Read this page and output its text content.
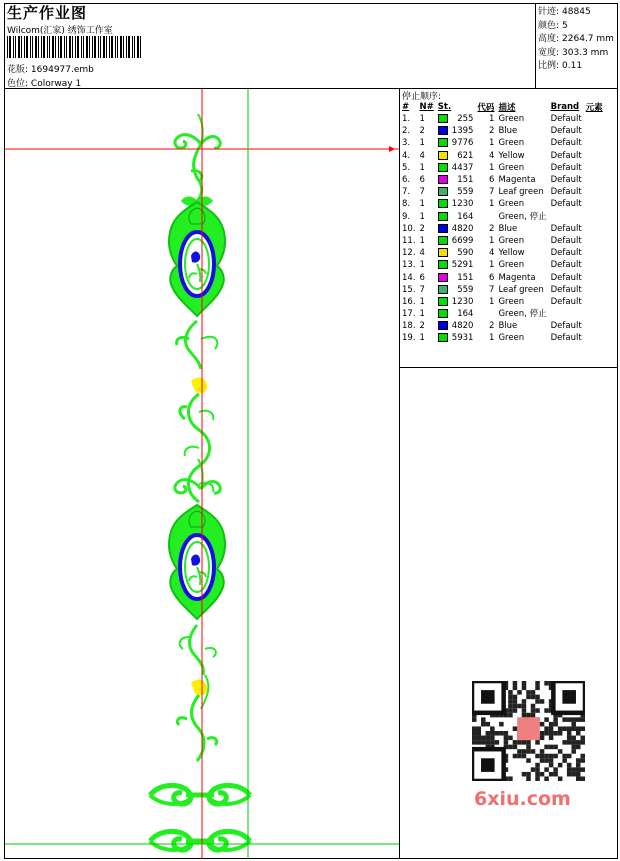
生产作业图
Wilcom(汇家) 绣饰工作室
花版: 1694977.emb
色位: Colorway 1
针迹: 48845
颜色: 5
高度: 2264.7 mm
宽度: 303.3 mm
比例: 0.11
停止顺序:
#	N#	St.		代码	描述	Brand	元素
1.	1		255	1	Green	Default	
2.	2		1395	2	Blue	Default	
3.	1		9776	1	Green	Default	
4.	4		621	4	Yellow	Default	
5.	1		4437	1	Green	Default	
6.	6		151	6	Magenta	Default	
7.	7		559	7	Leaf green	Default	
8.	1		1230	1	Green	Default	
9.	1		164		Green, 停止		
10.	2		4820	2	Blue	Default	
11.	1		6699	1	Green	Default	
12.	4		590	4	Yellow	Default	
13.	1		5291	1	Green	Default	
14.	6		151	6	Magenta	Default	
15.	7		559	7	Leaf green	Default	
16.	1		1230	1	Green	Default	
17.	1		164		Green, 停止		
18.	2		4820	2	Blue	Default	
19.	1		5931	1	Green	Default	
6xiu.com
